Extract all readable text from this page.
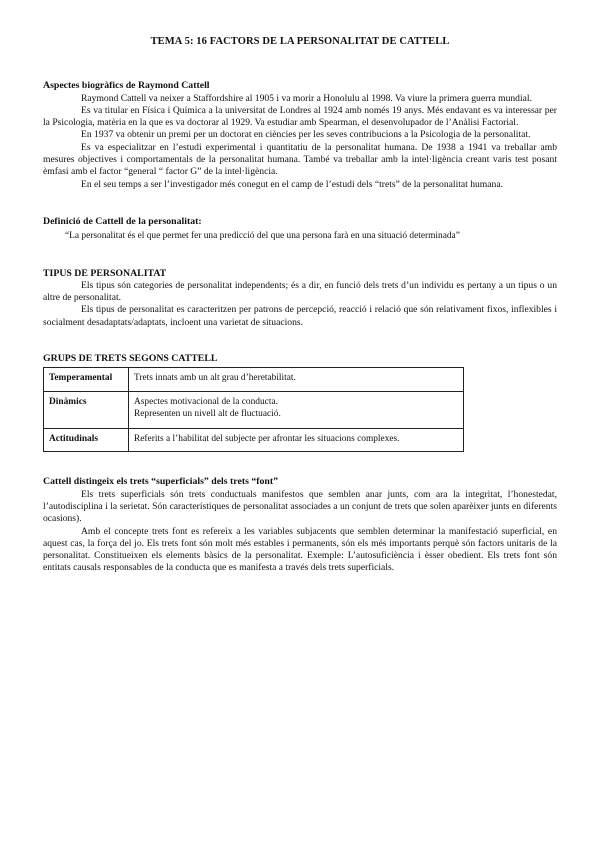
TEMA 5: 16 FACTORS DE LA PERSONALITAT DE CATTELL
Aspectes biogràfics de Raymond Cattell

Raymond Cattell va neixer a Staffordshire al 1905 i va morir a Honolulu al 1998. Va viure la primera guerra mundial.

Es va titular en Física i Química a la universitat de Londres al 1924 amb només 19 anys. Més endavant es va interessar per la Psicologia, matèria en la que es va doctorar al 1929. Va estudiar amb Spearman, el desenvolupador de l’Anàlisi Factorial.

En 1937 va obtenir un premi per un doctorat en ciències per les seves contribucions a la Psicologia de la personalitat.

Es va especialitzar en l’estudi experimental i quantitatiu de la personalitat humana. De 1938 a 1941 va treballar amb mesures objectives i comportamentals de la personalitat humana. També va treballar amb la intel·ligència creant varis test posant èmfasi amb el factor “general “ factor G” de la intel·ligència.

En el seu temps a ser l’investigador més conegut en el camp de l’estudi dels “trets” de la personalitat humana.

Definició de Cattell de la personalitat:

“La personalitat és el que permet fer una predicció del que una persona farà en una situació determinada”

TIPUS DE PERSONALITAT

Els tipus són categories de personalitat independents; és a dir, en funció dels trets d’un individu es pertany a un tipus o un altre de personalitat.

Els tipus de personalitat es caracteritzen per patrons de percepció, reacció i relació que són relativament fixos, inflexibles i socialment desadaptats/adaptats, incloent una varietat de situacions.

GRUPS DE TRETS SEGONS CATTELL
Temperamental	Trets innats amb un alt grau d’heretabilitat.

Dinàmics	Aspectes motivacional de la conducta.
Representen un nivell alt de fluctuació.

Actitudinals	Referits a l’habilitat del subjecte per afrontar les situacions complexes.
Cattell distingeix els trets “superficials” dels trets “font”

Els trets superficials són trets conductuals manifestos que semblen anar junts, com ara la integritat, l’honestedat, l’autodisciplina i la serietat. Són característiques de personalitat associades a un conjunt de trets que solen aparèixer junts en diferents ocasions).

Amb el concepte trets font es refereix a les variables subjacents que semblen determinar la manifestació superficial, en aquest cas, la força del jo. Els trets font són molt més estables i permanents, són els més importants perquè són factors unitaris de la personalitat. Constitueixen els elements bàsics de la personalitat. Exemple: L’autosuficiència i èsser obedient. Els trets font són entitats causals responsables de la conducta que es manifesta a través dels trets superficials.
